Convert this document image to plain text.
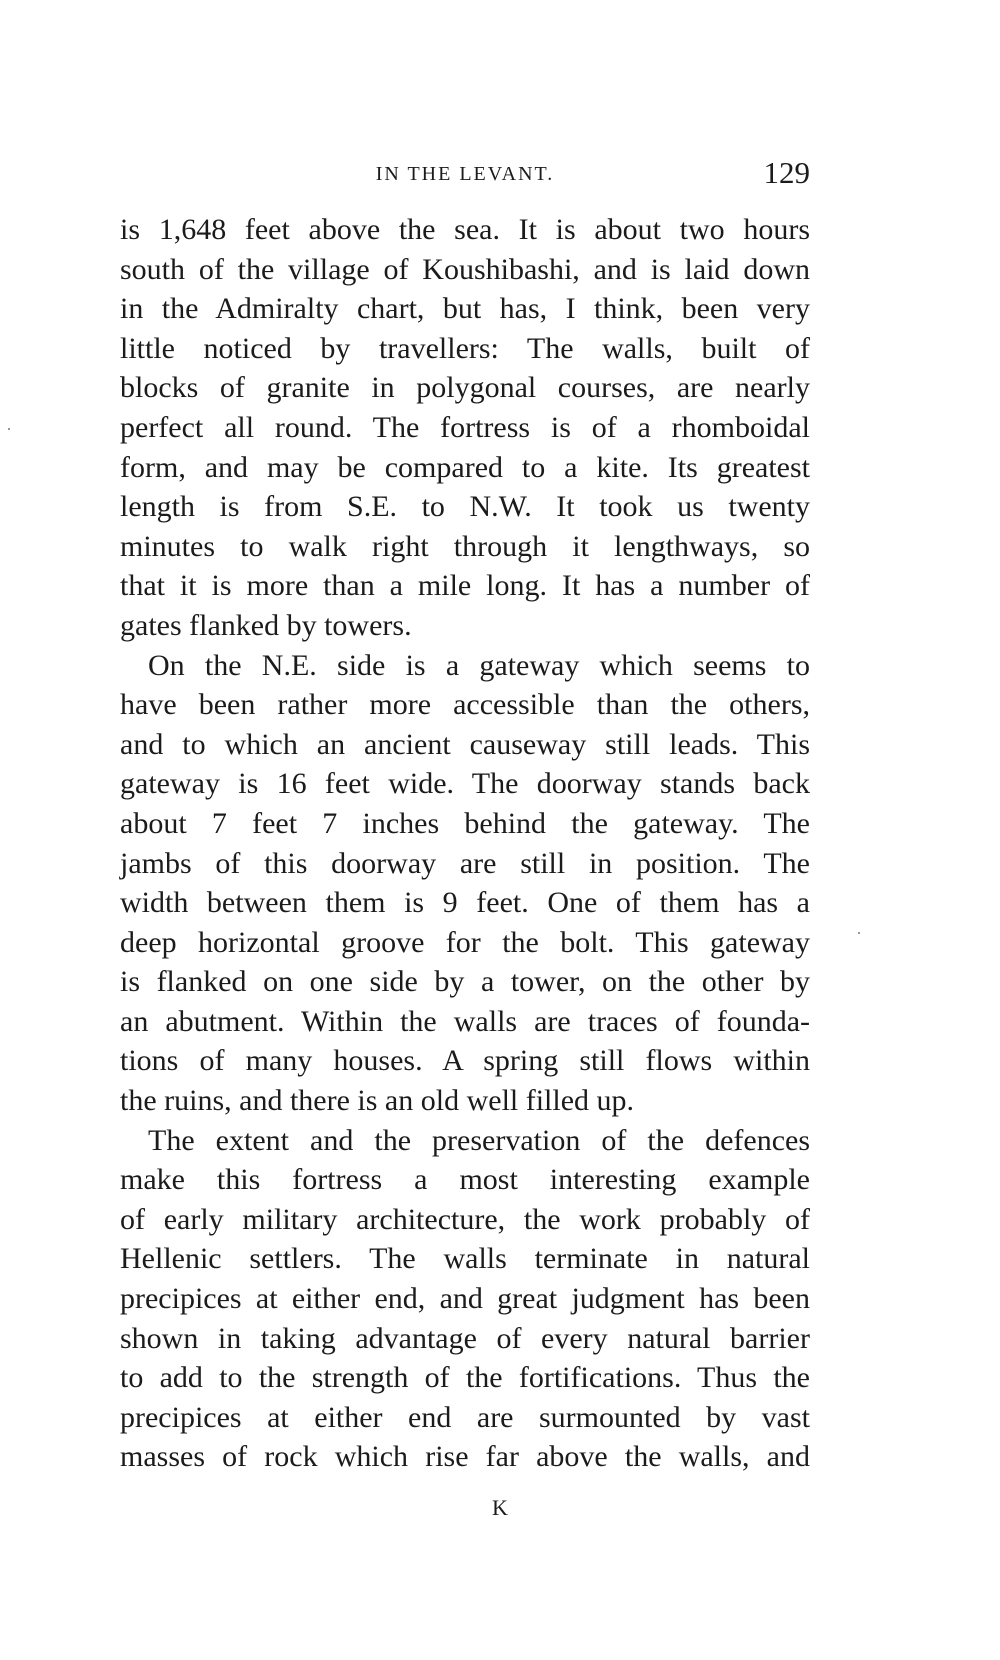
IN THE LEVANT.	129

is 1,648 feet above the sea. It is about two hours
south of the village of Koushibashi, and is laid down
in the Admiralty chart, but has, I think, been very
little noticed by travellers: The walls, built of
blocks of granite in polygonal courses, are nearly
perfect all round. The fortress is of a rhomboidal
form, and may be compared to a kite. Its greatest
length is from S.E. to N.W. It took us twenty
minutes to walk right through it lengthways, so
that it is more than a mile long. It has a number of
gates flanked by towers.

On the N.E. side is a gateway which seems to
have been rather more accessible than the others,
and to which an ancient causeway still leads. This
gateway is 16 feet wide. The doorway stands back
about 7 feet 7 inches behind the gateway. The
jambs of this doorway are still in position. The
width between them is 9 feet. One of them has a
deep horizontal groove for the bolt. This gateway
is flanked on one side by a tower, on the other by
an abutment. Within the walls are traces of founda-
tions of many houses. A spring still flows within
the ruins, and there is an old well filled up.

The extent and the preservation of the defences
make this fortress a most interesting example
of early military architecture, the work probably of
Hellenic settlers. The walls terminate in natural
precipices at either end, and great judgment has been
shown in taking advantage of every natural barrier
to add to the strength of the fortifications. Thus the
precipices at either end are surmounted by vast
masses of rock which rise far above the walls, and

K
